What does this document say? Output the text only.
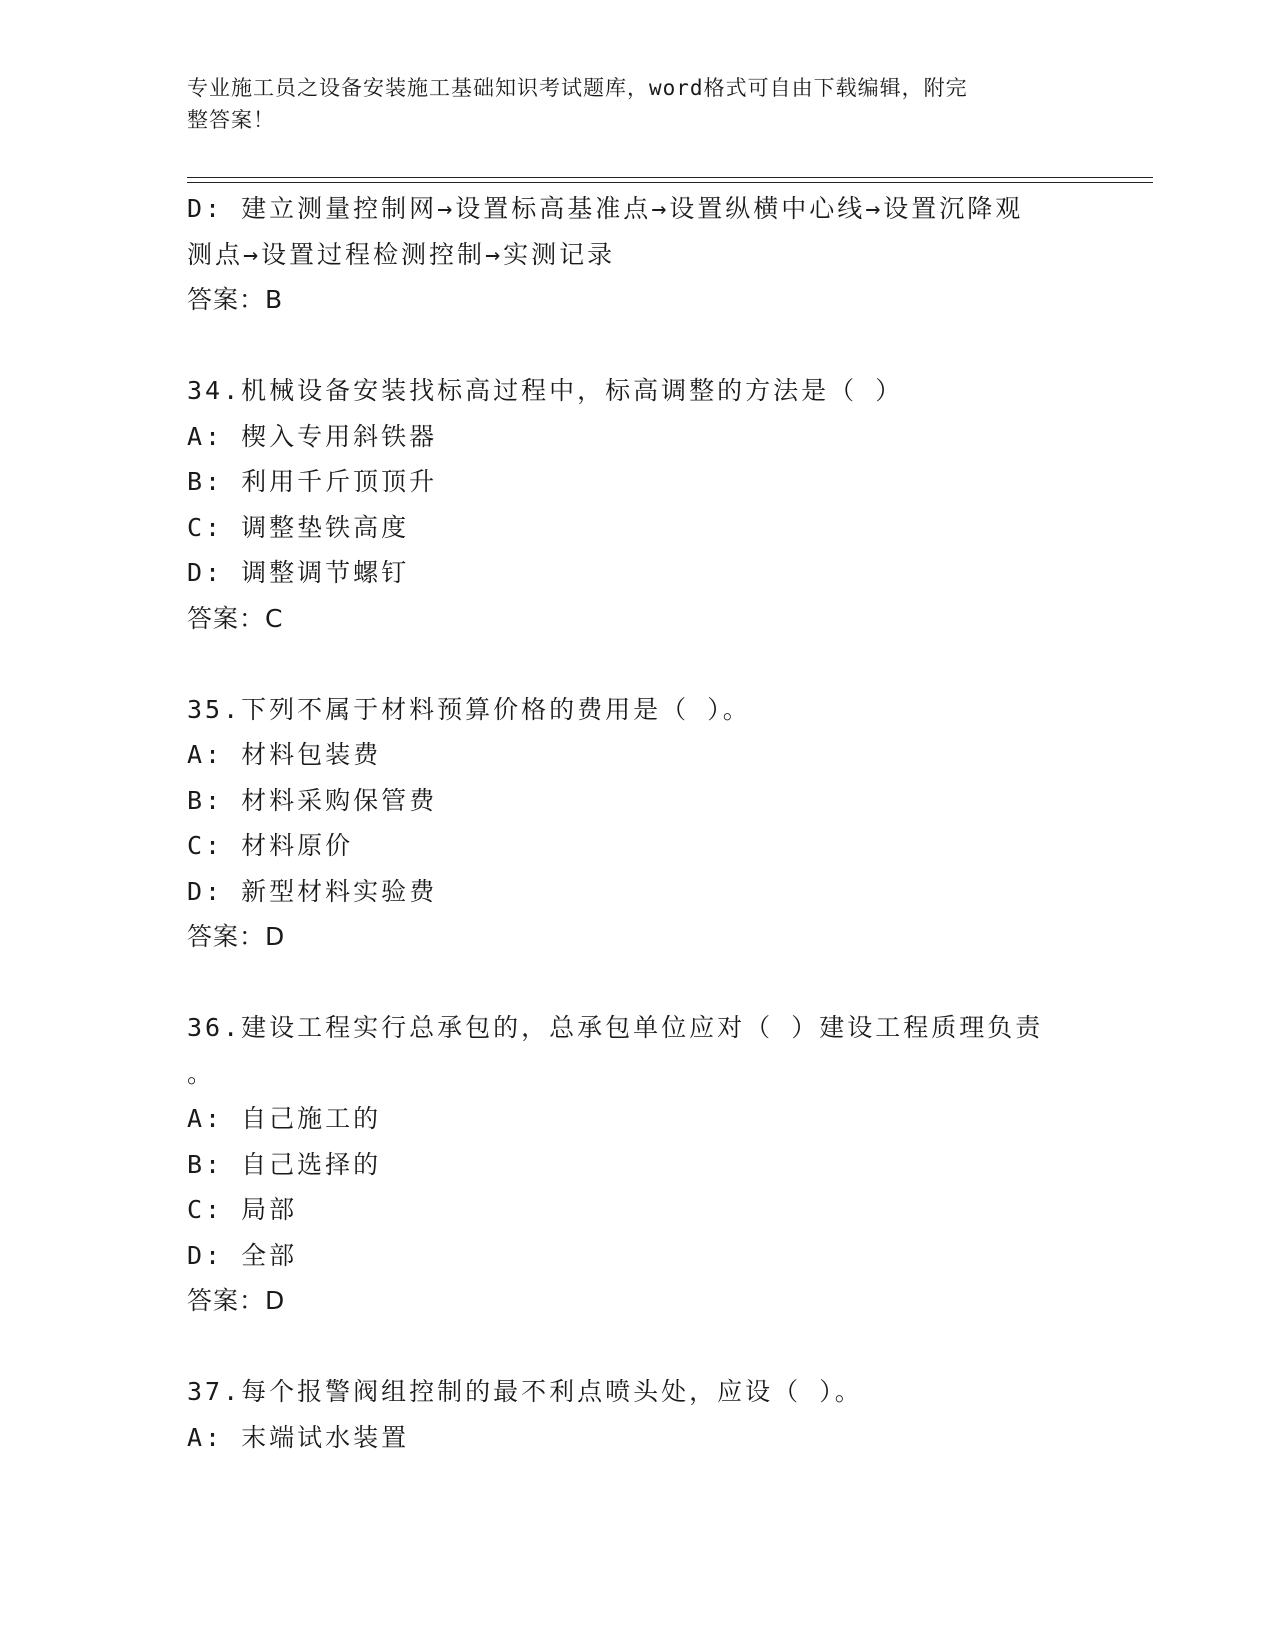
专业施工员之设备安装施工基础知识考试题库，word格式可自由下载编辑，附完
整答案！
D: 建立测量控制网→设置标高基准点→设置纵横中心线→设置沉降观
测点→设置过程检测控制→实测记录
答案：B
34.机械设备安装找标高过程中，标高调整的方法是（ ）
A: 楔入专用斜铁器
B: 利用千斤顶顶升
C: 调整垫铁高度
D: 调整调节螺钉
答案：C
35.下列不属于材料预算价格的费用是（ ）。
A: 材料包装费
B: 材料采购保管费
C: 材料原价
D: 新型材料实验费
答案：D
36.建设工程实行总承包的，总承包单位应对（ ）建设工程质理负责
。
A: 自己施工的
B: 自己选择的
C: 局部
D: 全部
答案：D
37.每个报警阀组控制的最不利点喷头处，应设（ ）。
A: 末端试水装置
